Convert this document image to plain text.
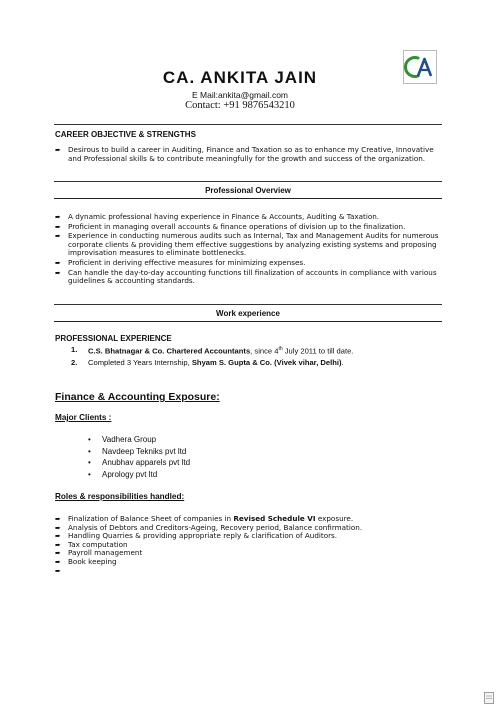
CA. ANKITA JAIN
E Mail:ankita@gmail.com
Contact: +91 9876543210
CAREER OBJECTIVE & STRENGTHS
➨ Desirous to build a career in Auditing, Finance and Taxation so as to enhance my Creative, Innovative and Professional skills & to contribute meaningfully for the growth and success of the organization.
Professional Overview
➨ A dynamic professional having experience in Finance & Accounts, Auditing & Taxation.
➨ Proficient in managing overall accounts & finance operations of division up to the finalization.
➨ Experience in conducting numerous audits such as Internal, Tax and Management Audits for numerous corporate clients & providing them effective suggestions by analyzing existing systems and proposing improvisation measures to eliminate bottlenecks.
➨ Proficient in deriving effective measures for minimizing expenses.
➨ Can handle the day-to-day accounting functions till finalization of accounts in compliance with various guidelines & accounting standards.
Work experience
PROFESSIONAL EXPERIENCE
1. C.S. Bhatnagar & Co. Chartered Accountants, since 4th July 2011 to till date.
2. Completed 3 Years Internship, Shyam S. Gupta & Co. (Vivek vihar, Delhi).
Finance & Accounting Exposure:
Major Clients :
• Vadhera Group
• Navdeep Tekniks pvt ltd
• Anubhav apparels pvt ltd
• Aprology pvt ltd
Roles & responsibilities handled:
➨ Finalization of Balance Sheet of companies in Revised Schedule VI exposure.
➨ Analysis of Debtors and Creditors-Ageing, Recovery period, Balance confirmation.
➨ Handling Quarries & providing appropriate reply & clarification of Auditors.
➨ Tax computation
➨ Payroll management
➨ Book keeping
➨
